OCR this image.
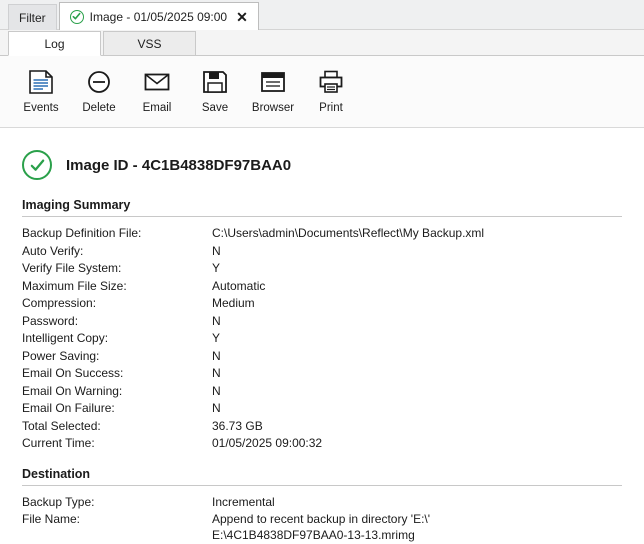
Filter	Image - 01/05/2025 09:00 ✕
Log	VSS
Events Delete Email	Save Browser Print
Image ID - 4C1B4838DF97BAA0
Imaging Summary
Backup Definition File:	C:\Users\admin\Documents\Reflect\My Backup.xml
Auto Verify:	N
Verify File System:	Y
Maximum File Size:	Automatic
Compression:	Medium
Password:	N
Intelligent Copy:	Y
Power Saving:	N
Email On Success:	N
Email On Warning:	N
Email On Failure:	N
Total Selected:	36.73 GB
Current Time:	01/05/2025 09:00:32
Destination
Backup Type:	Incremental
File Name:	Append to recent backup in directory 'E:\'
E:\4C1B4838DF97BAA0-13-13.mrimg
